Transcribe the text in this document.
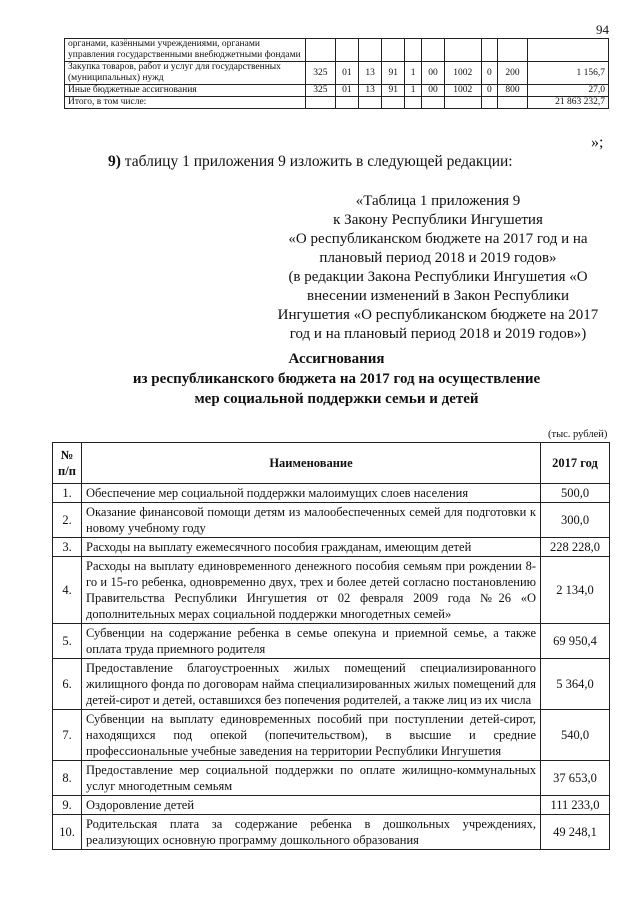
94
органами, казёнными учреждениями, органами управления государственными внебюджетными фондами										
Закупка товаров, работ и услуг для государственных (муниципальных) нужд	325	01	13	91	1	00	1002	0	200	1 156,7
Иные бюджетные ассигнования	325	01	13	91	1	00	1002	0	800	27,0
Итого, в том числе:										21 863 232,7
»;
9) таблицу 1 приложения 9 изложить в следующей редакции:
«Таблица 1 приложения 9
к Закону Республики Ингушетия
«О республиканском бюджете на 2017 год и на
плановый период 2018 и 2019 годов»
(в редакции Закона Республики Ингушетия «О
внесении изменений в Закон Республики
Ингушетия «О республиканском бюджете на 2017
год и на плановый период 2018 и 2019 годов»)
Ассигнования
из республиканского бюджета на 2017 год на осуществление
мер социальной поддержки семьи и детей
(тыс. рублей)
№ п/п	Наименование	2017 год
1.	Обеспечение мер социальной поддержки малоимущих слоев населения	500,0
2.	Оказание финансовой помощи детям из малообеспеченных семей для подготовки к новому учебному году	300,0
3.	Расходы на выплату ежемесячного пособия гражданам, имеющим детей	228 228,0
4.	Расходы на выплату единовременного денежного пособия семьям при рождении 8-го и 15-го ребенка, одновременно двух, трех и более детей согласно постановлению Правительства Республики Ингушетия от 02 февраля 2009 года №26 «О дополнительных мерах социальной поддержки многодетных семей»	2 134,0
5.	Субвенции на содержание ребенка в семье опекуна и приемной семье, а также оплата труда приемного родителя	69 950,4
6.	Предоставление благоустроенных жилых помещений специализированного жилищного фонда по договорам найма специализированных жилых помещений для детей-сирот и детей, оставшихся без попечения родителей, а также лиц из их числа	5 364,0
7.	Субвенции на выплату единовременных пособий при поступлении детей-сирот, находящихся под опекой (попечительством), в высшие и средние профессиональные учебные заведения на территории Республики Ингушетия	540,0
8.	Предоставление мер социальной поддержки по оплате жилищно-коммунальных услуг многодетным семьям	37 653,0
9.	Оздоровление детей	111 233,0
10.	Родительская плата за содержание ребенка в дошкольных учреждениях, реализующих основную программу дошкольного образования	49 248,1
